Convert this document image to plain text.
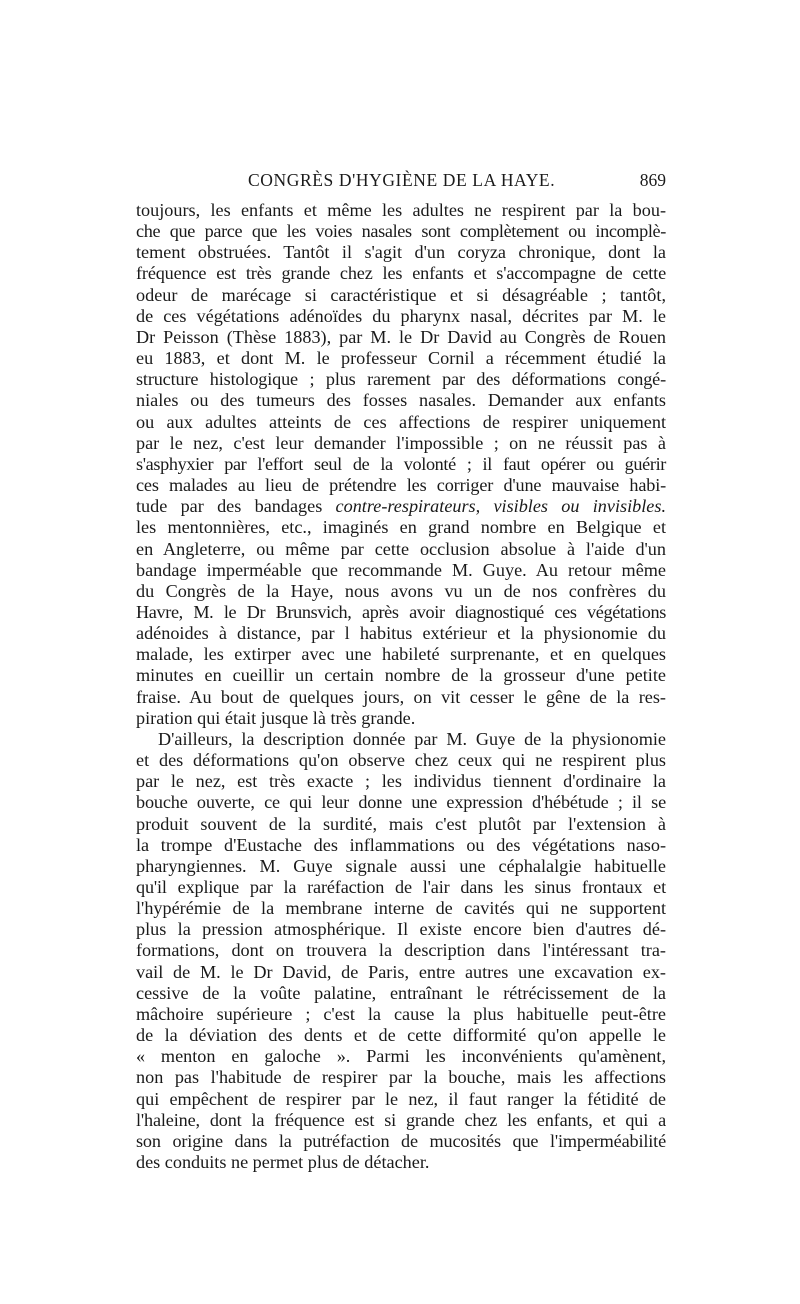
CONGRÈS D'HYGIÈNE DE LA HAYE.	869

toujours, les enfants et même les adultes ne respirent par la bou-

che que parce que les voies nasales sont complètement ou incomplè-

tement obstruées. Tantôt il s'agit d'un coryza chronique, dont la

fréquence est très grande chez les enfants et s'accompagne de cette

odeur de marécage si caractéristique et si désagréable ; tantôt,

de ces végétations adénoïdes du pharynx nasal, décrites par M. le

Dr Peisson (Thèse 1883), par M. le Dr David au Congrès de Rouen

eu 1883, et dont M. le professeur Cornil a récemment étudié la

structure histologique ; plus rarement par des déformations congé-

niales ou des tumeurs des fosses nasales. Demander aux enfants

ou aux adultes atteints de ces affections de respirer uniquement

par le nez, c'est leur demander l'impossible ; on ne réussit pas à

s'asphyxier par l'effort seul de la volonté ; il faut opérer ou guérir

ces malades au lieu de prétendre les corriger d'une mauvaise habi-

tude par des bandages contre-respirateurs, visibles ou invisibles.

les mentonnières, etc., imaginés en grand nombre en Belgique et

en Angleterre, ou même par cette occlusion absolue à l'aide d'un

bandage imperméable que recommande M. Guye. Au retour même

du Congrès de la Haye, nous avons vu un de nos confrères du

Havre, M. le Dr Brunsvich, après avoir diagnostiqué ces végétations

adénoides à distance, par l habitus extérieur et la physionomie du

malade, les extirper avec une habileté surprenante, et en quelques

minutes en cueillir un certain nombre de la grosseur d'une petite

fraise. Au bout de quelques jours, on vit cesser le gêne de la res-

piration qui était jusque là très grande.

D'ailleurs, la description donnée par M. Guye de la physionomie

et des déformations qu'on observe chez ceux qui ne respirent plus

par le nez, est très exacte ; les individus tiennent d'ordinaire la

bouche ouverte, ce qui leur donne une expression d'hébétude ; il se

produit souvent de la surdité, mais c'est plutôt par l'extension à

la trompe d'Eustache des inflammations ou des végétations naso-

pharyngiennes. M. Guye signale aussi une céphalalgie habituelle

qu'il explique par la raréfaction de l'air dans les sinus frontaux et

l'hypérémie de la membrane interne de cavités qui ne supportent

plus la pression atmosphérique. Il existe encore bien d'autres dé-

formations, dont on trouvera la description dans l'intéressant tra-

vail de M. le Dr David, de Paris, entre autres une excavation ex-

cessive de la voûte palatine, entraînant le rétrécissement de la

mâchoire supérieure ; c'est la cause la plus habituelle peut-être

de la déviation des dents et de cette difformité qu'on appelle le

« menton en galoche ». Parmi les inconvénients qu'amènent,

non pas l'habitude de respirer par la bouche, mais les affections

qui empêchent de respirer par le nez, il faut ranger la fétidité de

l'haleine, dont la fréquence est si grande chez les enfants, et qui a

son origine dans la putréfaction de mucosités que l'imperméabilité

des conduits ne permet plus de détacher.
